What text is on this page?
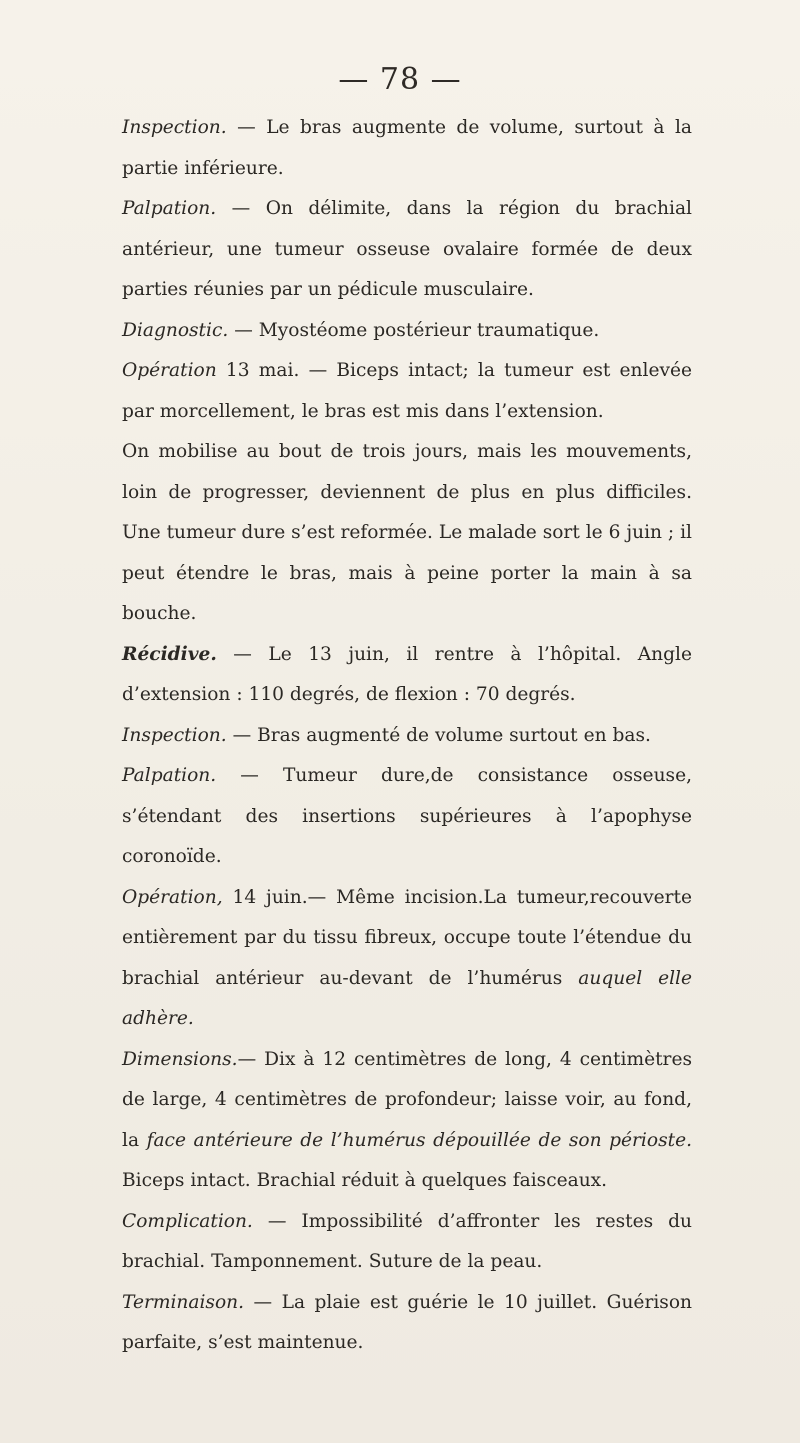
— 78 —

Inspection. — Le bras augmente de volume, surtout à la partie inférieure.

Palpation. — On délimite, dans la région du brachial antérieur, une tumeur osseuse ovalaire formée de deux parties réunies par un pédicule musculaire.

Diagnostic. — Myostéome postérieur traumatique.

Opération 13 mai. — Biceps intact; la tumeur est enlevée par morcellement, le bras est mis dans l’extension.

On mobilise au bout de trois jours, mais les mouvements, loin de progresser, deviennent de plus en plus difficiles. Une tumeur dure s’est reformée. Le malade sort le 6 juin ; il peut étendre le bras, mais à peine porter la main à sa bouche.

Récidive. — Le 13 juin, il rentre à l’hôpital. Angle d’extension : 110 degrés, de flexion : 70 degrés.

Inspection. — Bras augmenté de volume surtout en bas.

Palpation. — Tumeur dure,de consistance osseuse, s’étendant des insertions supérieures à l’apophyse coronoïde.

Opération, 14 juin.— Même incision.La tumeur,recouverte entièrement par du tissu fibreux, occupe toute l’étendue du brachial antérieur au-devant de l’humérus auquel elle adhère.

Dimensions.— Dix à 12 centimètres de long, 4 centimètres de large, 4 centimètres de profondeur; laisse voir, au fond, la face antérieure de l’humérus dépouillée de son périoste. Biceps intact. Brachial réduit à quelques faisceaux.

Complication. — Impossibilité d’affronter les restes du brachial. Tamponnement. Suture de la peau.

Terminaison. — La plaie est guérie le 10 juillet. Guérison parfaite, s’est maintenue.
